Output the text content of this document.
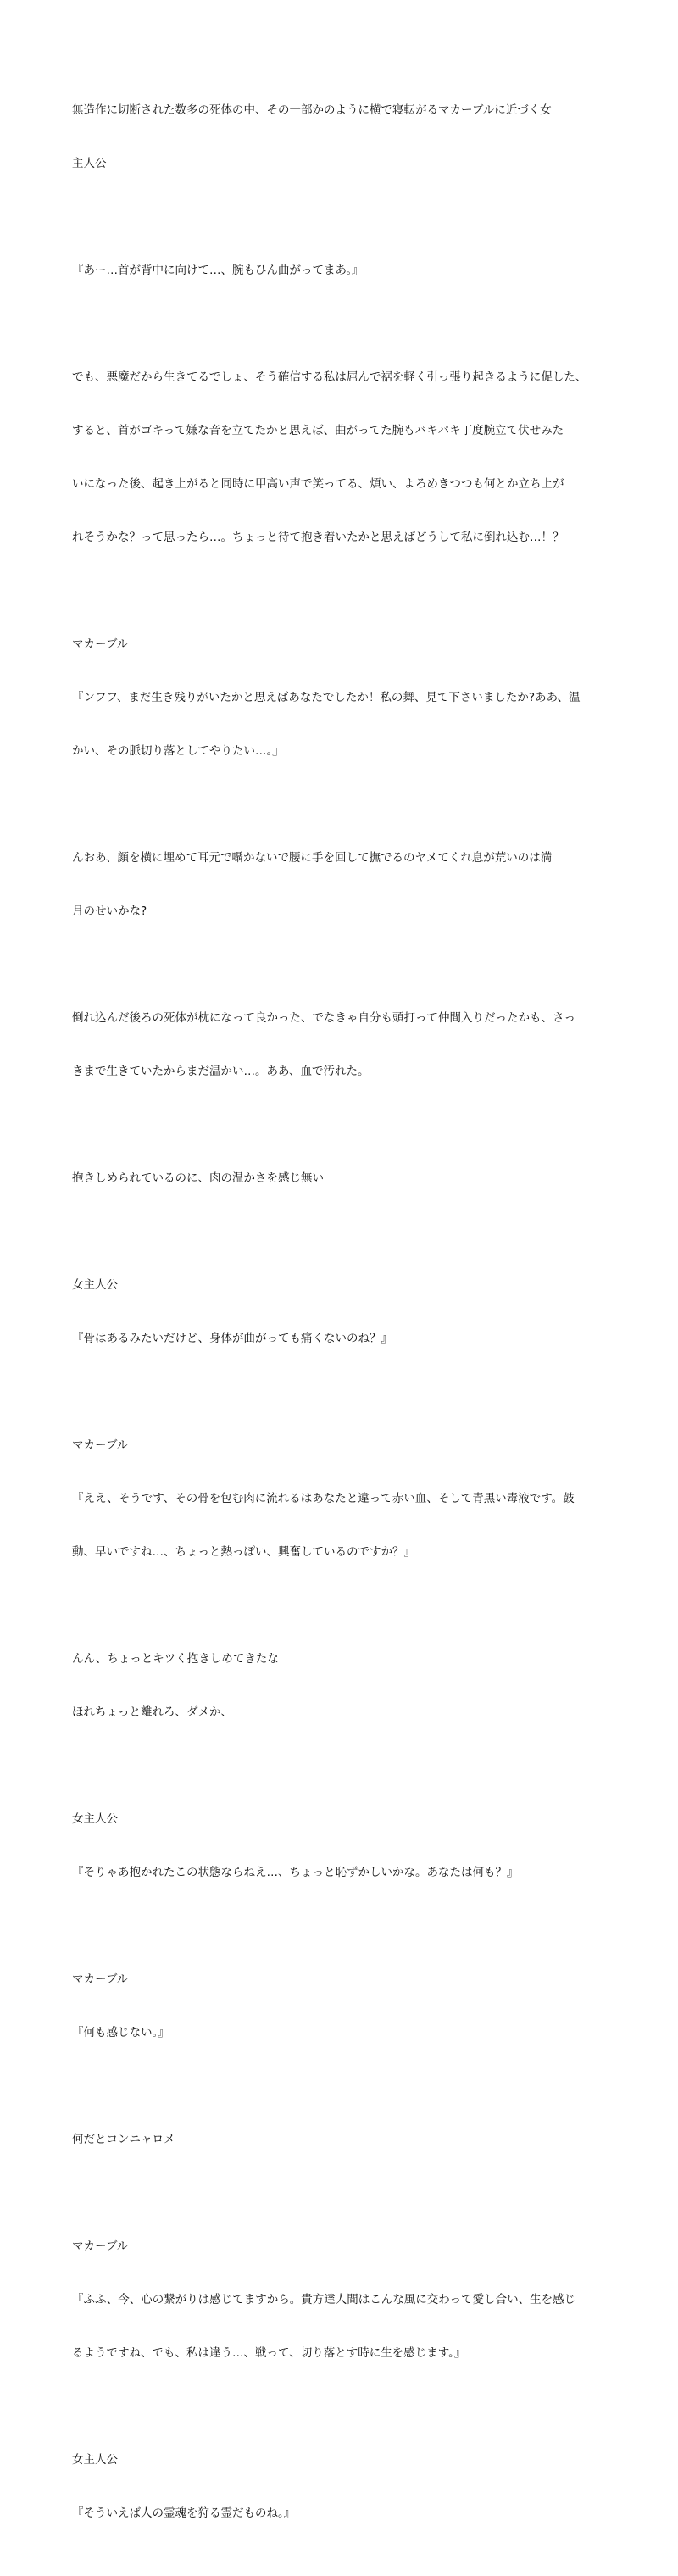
無造作に切断された数多の死体の中、その一部かのように横で寝転がるマカーブルに近づく女

主人公

『あー…首が背中に向けて…、腕もひん曲がってまあ。』

でも、悪魔だから生きてるでしょ、そう確信する私は屈んで裾を軽く引っ張り起きるように促した、

すると、首がゴキって嫌な音を立てたかと思えば、曲がってた腕もパキパキ丁度腕立て伏せみた

いになった後、起き上がると同時に甲高い声で笑ってる、煩い、よろめきつつも何とか立ち上が

れそうかな？って思ったら…。ちょっと待て抱き着いたかと思えばどうして私に倒れ込む…！？

マカーブル

『ンフフ、まだ生き残りがいたかと思えばあなたでしたか！私の舞、見て下さいましたか?ああ、温

かい、その脈切り落としてやりたい…。』

んおあ、顔を横に埋めて耳元で囁かないで腰に手を回して撫でるのヤメてくれ息が荒いのは満

月のせいかな?

倒れ込んだ後ろの死体が枕になって良かった、でなきゃ自分も頭打って仲間入りだったかも、さっ

きまで生きていたからまだ温かい…。ああ、血で汚れた。

抱きしめられているのに、肉の温かさを感じ無い

女主人公

『骨はあるみたいだけど、身体が曲がっても痛くないのね？』

マカーブル

『ええ、そうです、その骨を包む肉に流れるはあなたと違って赤い血、そして青黒い毒液です。鼓

動、早いですね…、ちょっと熱っぽい、興奮しているのですか？』

んん、ちょっとキツく抱きしめてきたな

ほれちょっと離れろ、ダメか、

女主人公

『そりゃあ抱かれたこの状態ならねえ…、ちょっと恥ずかしいかな。あなたは何も？』

マカーブル

『何も感じない。』

何だとコンニャロメ

マカーブル

『ふふ、今、心の繋がりは感じてますから。貴方達人間はこんな風に交わって愛し合い、生を感じ

るようですね、でも、私は違う…、戦って、切り落とす時に生を感じます。』

女主人公

『そういえば人の霊魂を狩る霊だものね。』
